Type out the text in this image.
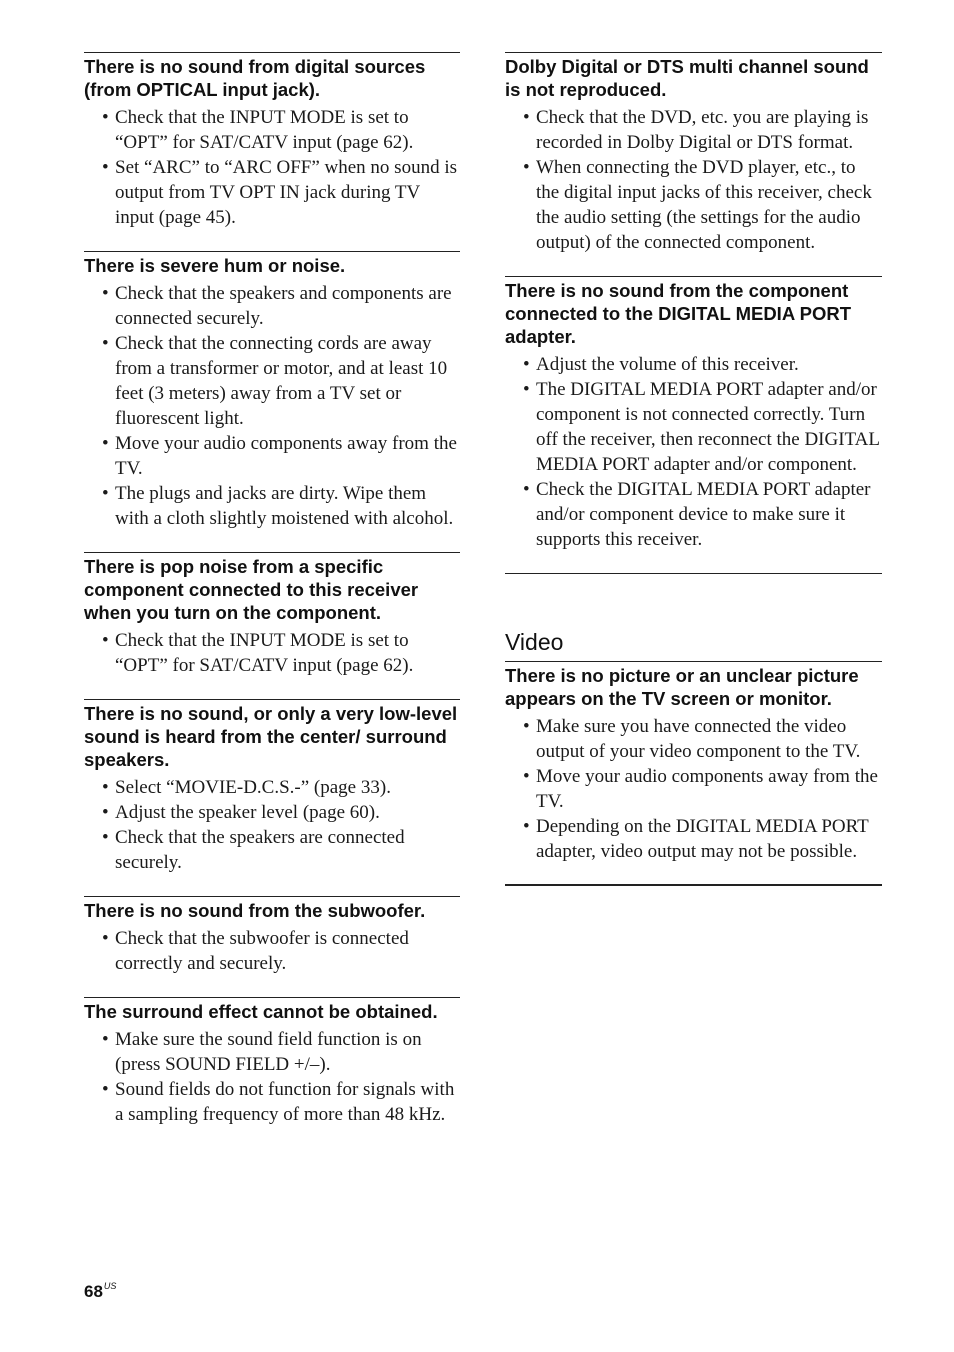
There is no sound from digital sources (from OPTICAL input jack).
• Check that the INPUT MODE is set to “OPT” for SAT/CATV input (page 62).
• Set “ARC” to “ARC OFF” when no sound is output from TV OPT IN jack during TV input (page 45).
There is severe hum or noise.
• Check that the speakers and components are connected securely.
• Check that the connecting cords are away from a transformer or motor, and at least 10 feet (3 meters) away from a TV set or fluorescent light.
• Move your audio components away from the TV.
• The plugs and jacks are dirty. Wipe them with a cloth slightly moistened with alcohol.
There is pop noise from a specific component connected to this receiver when you turn on the component.
• Check that the INPUT MODE is set to “OPT” for SAT/CATV input (page 62).
There is no sound, or only a very low-level sound is heard from the center/ surround speakers.
• Select “MOVIE-D.C.S.-” (page 33).
• Adjust the speaker level (page 60).
• Check that the speakers are connected securely.
There is no sound from the subwoofer.
• Check that the subwoofer is connected correctly and securely.
The surround effect cannot be obtained.
• Make sure the sound field function is on (press SOUND FIELD +/–).
• Sound fields do not function for signals with a sampling frequency of more than 48 kHz.
Dolby Digital or DTS multi channel sound is not reproduced.
• Check that the DVD, etc. you are playing is recorded in Dolby Digital or DTS format.
• When connecting the DVD player, etc., to the digital input jacks of this receiver, check the audio setting (the settings for the audio output) of the connected component.
There is no sound from the component connected to the DIGITAL MEDIA PORT adapter.
• Adjust the volume of this receiver.
• The DIGITAL MEDIA PORT adapter and/or component is not connected correctly. Turn off the receiver, then reconnect the DIGITAL MEDIA PORT adapter and/or component.
• Check the DIGITAL MEDIA PORT adapter and/or component device to make sure it supports this receiver.
Video
There is no picture or an unclear picture appears on the TV screen or monitor.
• Make sure you have connected the video output of your video component to the TV.
• Move your audio components away from the TV.
• Depending on the DIGITAL MEDIA PORT adapter, video output may not be possible.
$68^{US}$
